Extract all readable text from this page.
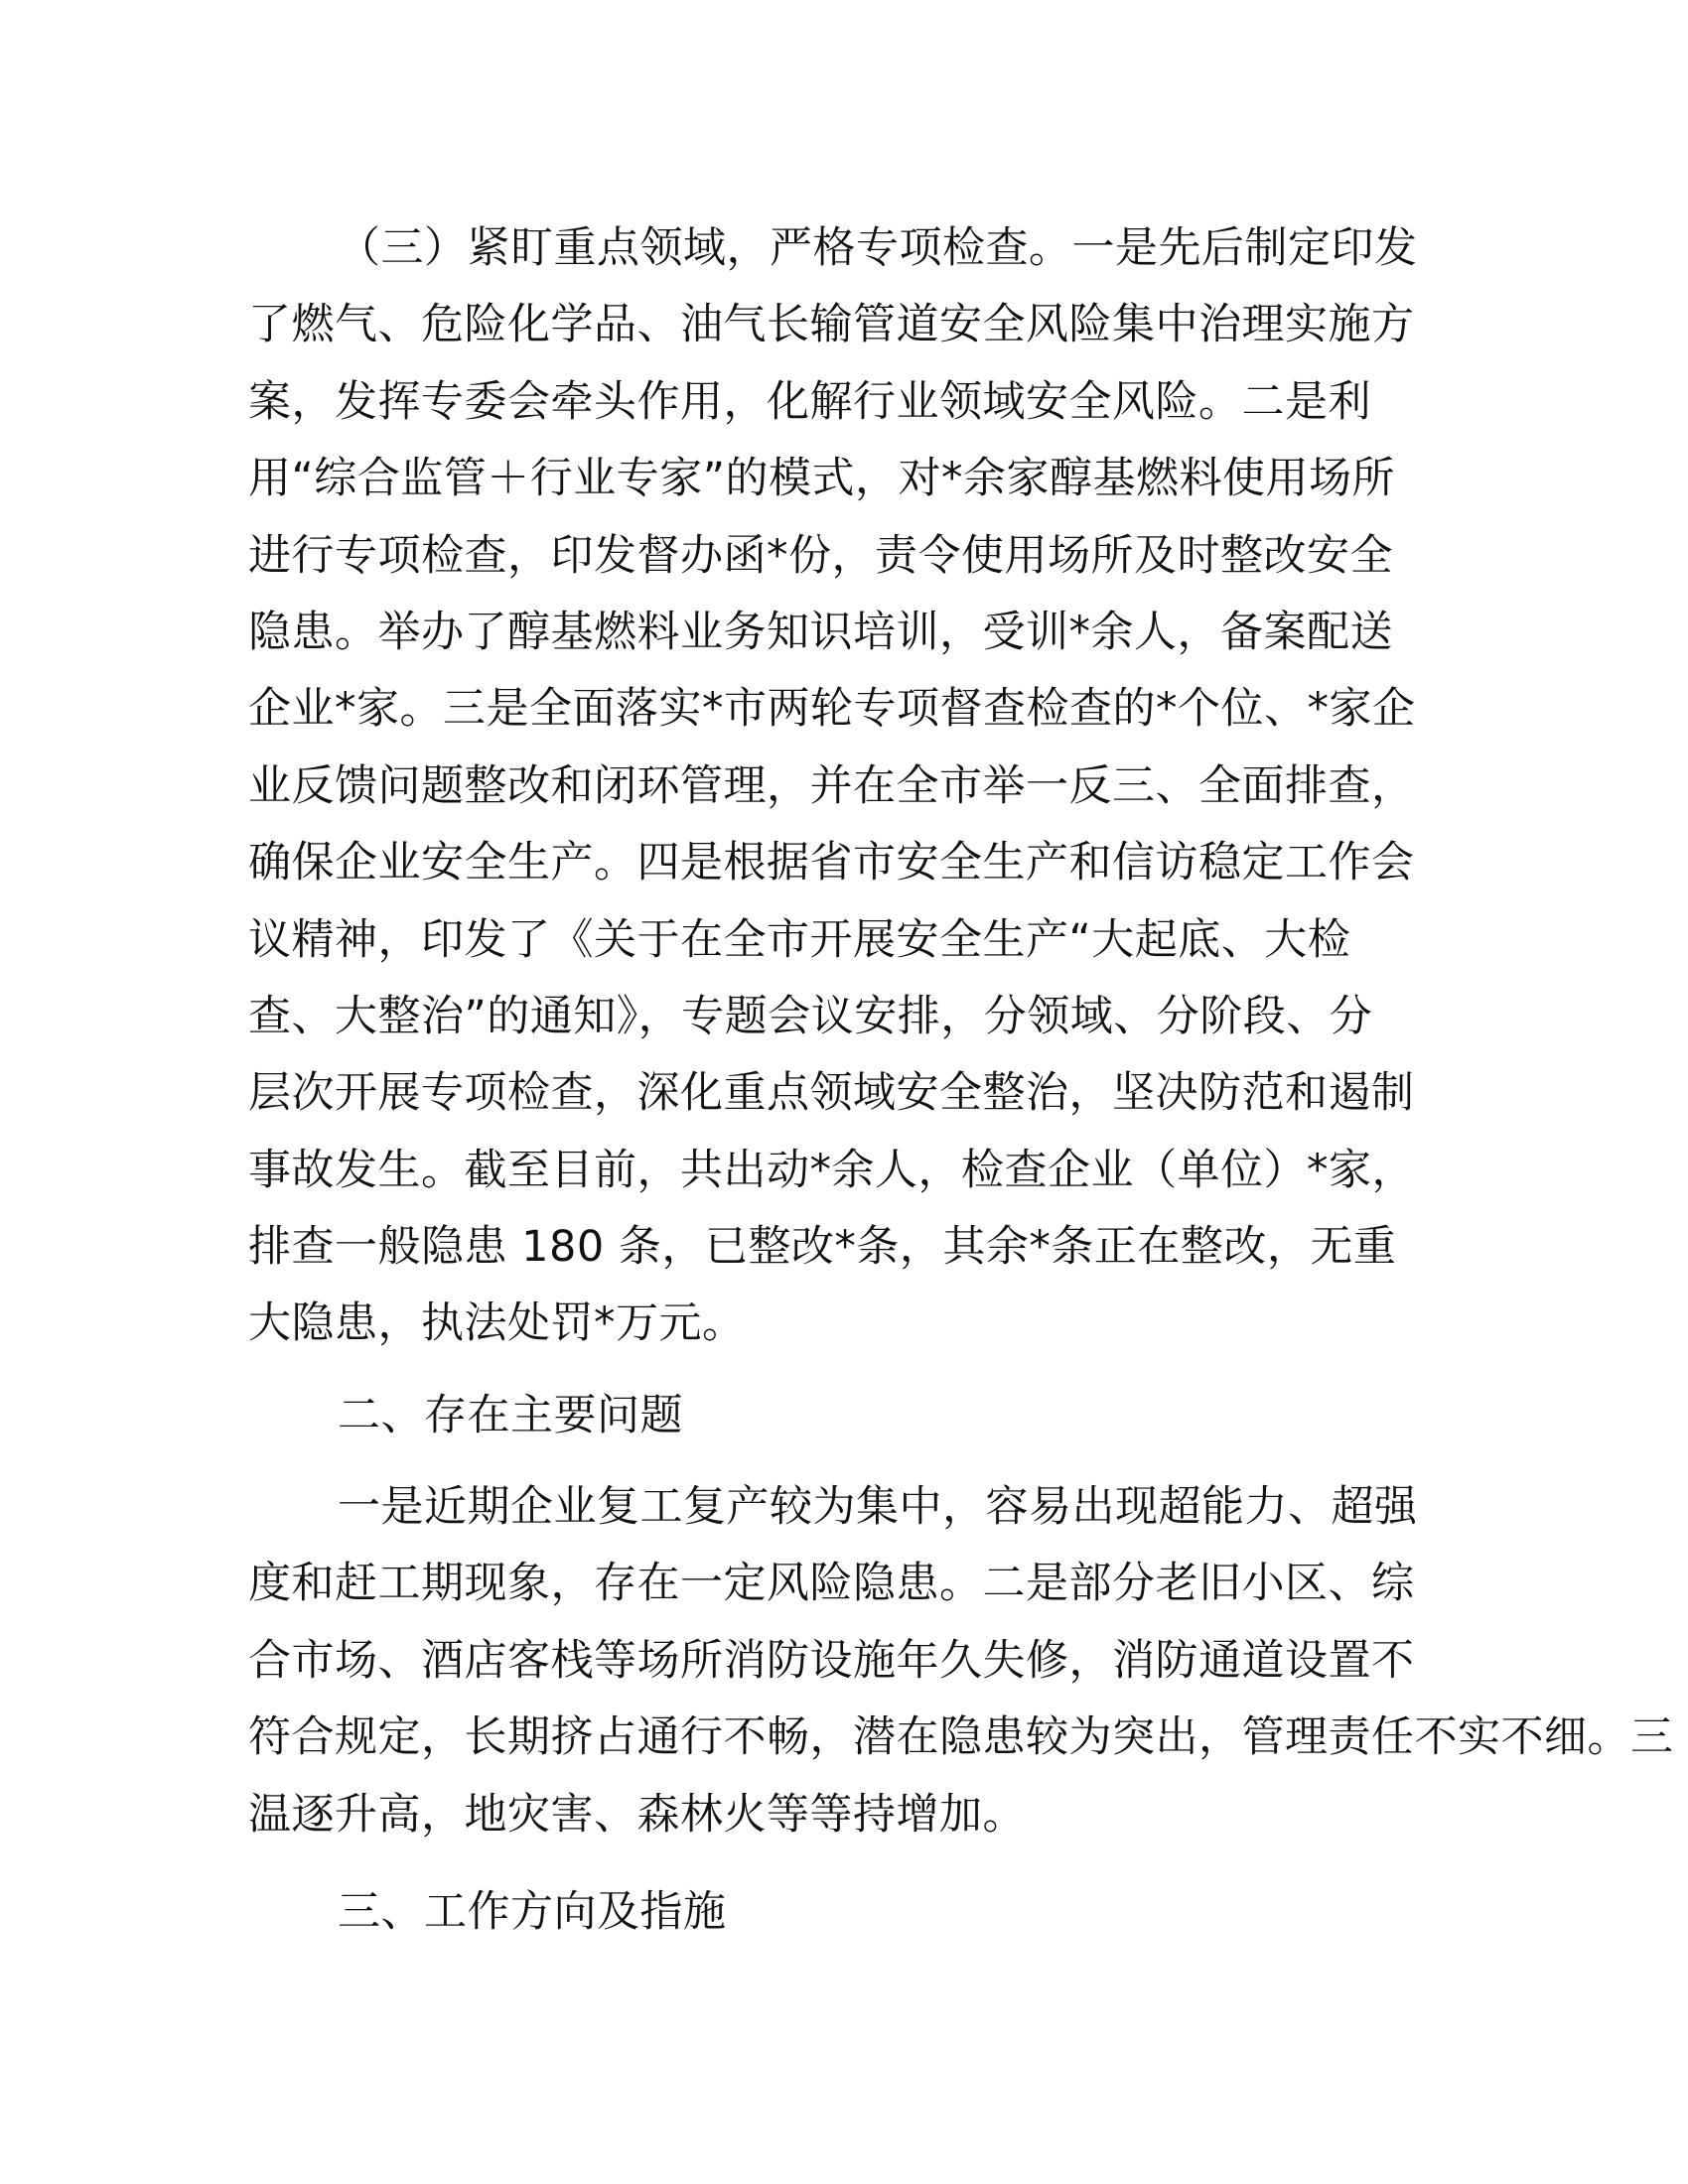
（三）紧盯重点领域，严格专项检查。一是先后制定印发
了燃气、危险化学品、油气长输管道安全风险集中治理实施方
案，发挥专委会牵头作用，化解行业领域安全风险。二是利
用“综合监管＋行业专家”的模式，对*余家醇基燃料使用场所
进行专项检查，印发督办函*份，责令使用场所及时整改安全
隐患。举办了醇基燃料业务知识培训，受训*余人，备案配送
企业*家。三是全面落实*市两轮专项督查检查的*个位、*家企
业反馈问题整改和闭环管理，并在全市举一反三、全面排查，
确保企业安全生产。四是根据省市安全生产和信访稳定工作会
议精神，印发了《关于在全市开展安全生产“大起底、大检
查、大整治”的通知》，专题会议安排，分领域、分阶段、分
层次开展专项检查，深化重点领域安全整治，坚决防范和遏制
事故发生。截至目前，共出动*余人，检查企业（单位）*家，
排查一般隐患 180 条，已整改*条，其余*条正在整改，无重
大隐患，执法处罚*万元。
二、存在主要问题
一是近期企业复工复产较为集中，容易出现超能力、超强
度和赶工期现象，存在一定风险隐患。二是部分老旧小区、综
合市场、酒店客栈等场所消防设施年久失修，消防通道设置不
符合规定，长期挤占通行不畅，潜在隐患较为突出，管理责任不实不细。三
温逐升高，地灾害、森林火等等持增加。
三、工作方向及指施
